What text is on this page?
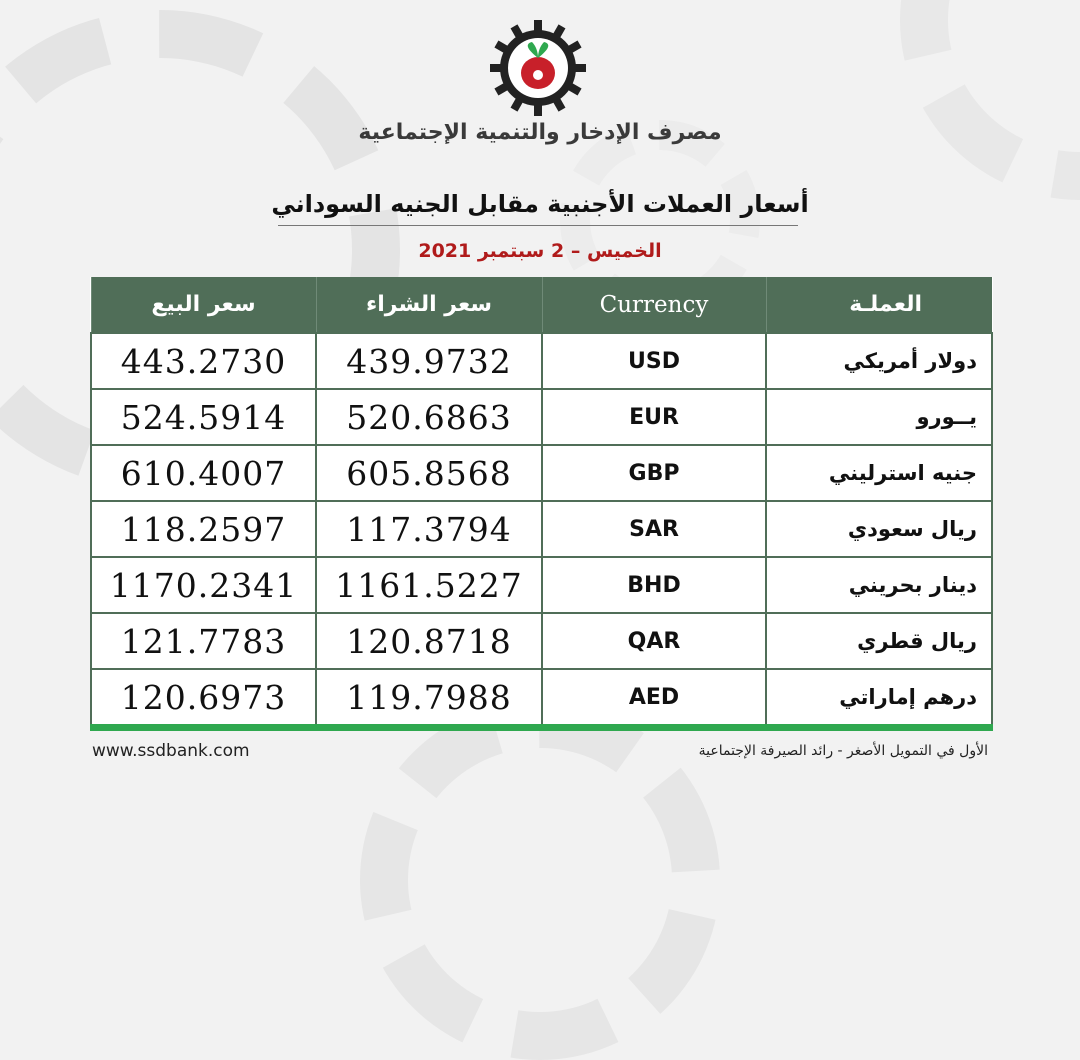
مصرف الإدخار والتنمية الإجتماعية
أسعار العملات الأجنبية مقابل الجنيه السوداني
الخميس – 2 سبتمبر 2021
سعر البيع	سعر الشراء	Currency	العملـة
443.2730	439.9732	USD	دولار أمريكي
524.5914	520.6863	EUR	يــورو
610.4007	605.8568	GBP	جنيه استرليني
118.2597	117.3794	SAR	ريال سعودي
1170.2341	1161.5227	BHD	دينار بحريني
121.7783	120.8718	QAR	ريال قطري
120.6973	119.7988	AED	درهم إماراتي
www.ssdbank.com	الأول في التمويل الأصغر - رائد الصيرفة الإجتماعية
